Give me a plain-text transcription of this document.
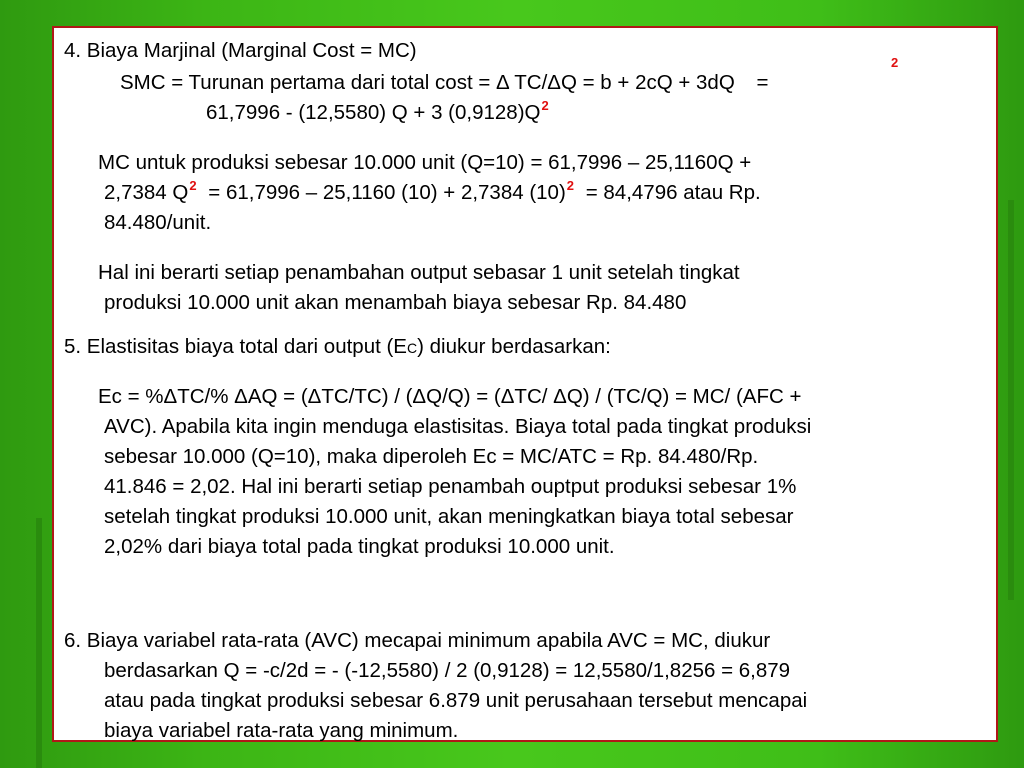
4. Biaya Marjinal (Marginal Cost = MC)
2
SMC = Turunan pertama dari total cost = Δ TC/ΔQ = b + 2cQ + 3dQ =
61,7996 - (12,5580) Q + 3 $(0,9128)Q^2$
MC untuk produksi sebesar 10.000 unit (Q=10) = 61,7996 – 25,1160Q +
2,7384 $Q^2 = 61,7996 - 25,1160$ (10) + 2,7384 $(10)^2 = 84,4796$ atau Rp.
84.480/unit.
Hal ini berarti setiap penambahan output sebasar 1 unit setelah tingkat
produksi 10.000 unit akan menambah biaya sebesar Rp. 84.480
5. Elastisitas biaya total dari output (EC) diukur berdasarkan:
Ec = %ΔTC/% ΔAQ = (ΔTC/TC) / (ΔQ/Q) = (ΔTC/ ΔQ) / (TC/Q) = MC/ (AFC +
AVC). Apabila kita ingin menduga elastisitas. Biaya total pada tingkat produksi
sebesar 10.000 (Q=10), maka diperoleh Ec = MC/ATC = Rp. 84.480/Rp.
41.846 = 2,02. Hal ini berarti setiap penambah ouptput produksi sebesar 1%
setelah tingkat produksi 10.000 unit, akan meningkatkan biaya total sebesar
2,02% dari biaya total pada tingkat produksi 10.000 unit.
6. Biaya variabel rata-rata (AVC) mecapai minimum apabila AVC = MC, diukur
berdasarkan Q = -c/2d = - (-12,5580) / 2 (0,9128) = 12,5580/1,8256 = 6,879
atau pada tingkat produksi sebesar 6.879 unit perusahaan tersebut mencapai
biaya variabel rata-rata yang minimum.
